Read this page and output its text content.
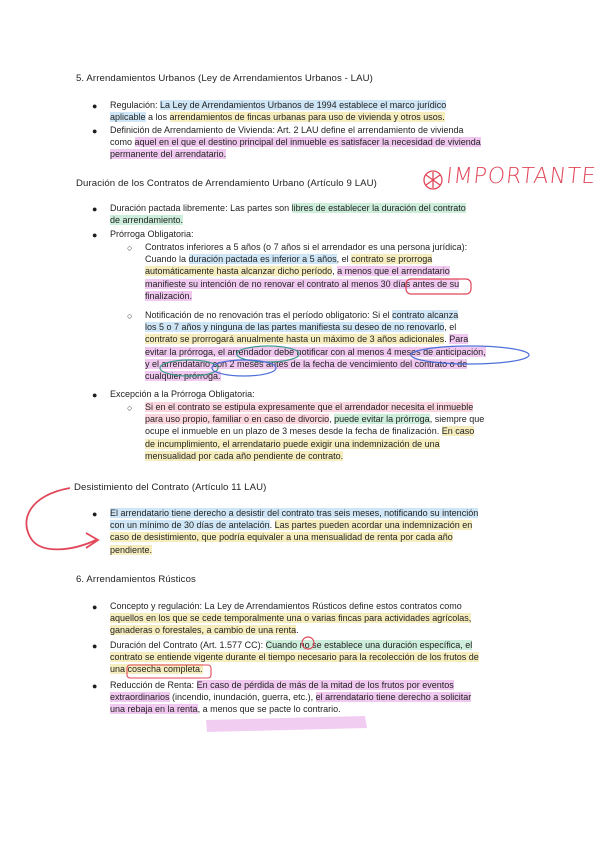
5. Arrendamientos Urbanos (Ley de Arrendamientos Urbanos - LAU)
● Regulación: La Ley de Arrendamientos Urbanos de 1994 establece el marco jurídico

aplicable a los arrendamientos de fincas urbanas para uso de vivienda y otros usos.

● Definición de Arrendamiento de Vivienda: Art. 2 LAU define el arrendamiento de vivienda

como aquel en el que el destino principal del inmueble es satisfacer la necesidad de vivienda

permanente del arrendatario.

Duración de los Contratos de Arrendamiento Urbano (Artículo 9 LAU)
● Duración pactada libremente: Las partes son libres de establecer la duración del contrato

de arrendamiento.

● Prórroga Obligatoria:

○ Contratos inferiores a 5 años (o 7 años si el arrendador es una persona jurídica):

Cuando la duración pactada es inferior a 5 años, el contrato se prorroga

automáticamente hasta alcanzar dicho período, a menos que el arrendatario

manifieste su intención de no renovar el contrato al menos 30 días antes de su

finalización.

○ Notificación de no renovación tras el período obligatorio: Si el contrato alcanza

los 5 o 7 años y ninguna de las partes manifiesta su deseo de no renovarlo, el

contrato se prorrogará anualmente hasta un máximo de 3 años adicionales. Para

evitar la prórroga, el arrendador debe notificar con al menos 4 meses de anticipación,

y el arrendatario con 2 meses antes de la fecha de vencimiento del contrato o de

cualquier prórroga.

● Excepción a la Prórroga Obligatoria:

○ Si en el contrato se estipula expresamente que el arrendador necesita el inmueble

para uso propio, familiar o en caso de divorcio, puede evitar la prórroga, siempre que

ocupe el inmueble en un plazo de 3 meses desde la fecha de finalización. En caso

de incumplimiento, el arrendatario puede exigir una indemnización de una

mensualidad por cada año pendiente de contrato.

Desistimiento del Contrato (Artículo 11 LAU)
● El arrendatario tiene derecho a desistir del contrato tras seis meses, notificando su intención

con un mínimo de 30 días de antelación. Las partes pueden acordar una indemnización en

caso de desistimiento, que podría equivaler a una mensualidad de renta por cada año

pendiente.

6. Arrendamientos Rústicos
● Concepto y regulación: La Ley de Arrendamientos Rústicos define estos contratos como

aquellos en los que se cede temporalmente una o varias fincas para actividades agrícolas,

ganaderas o forestales, a cambio de una renta.

● Duración del Contrato (Art. 1.577 CC): Cuando no se establece una duración específica, el

contrato se entiende vigente durante el tiempo necesario para la recolección de los frutos de

una cosecha completa.

● Reducción de Renta: En caso de pérdida de más de la mitad de los frutos por eventos

extraordinarios (incendio, inundación, guerra, etc.), el arrendatario tiene derecho a solicitar

una rebaja en la renta, a menos que se pacte lo contrario.

IMPORTANTE
